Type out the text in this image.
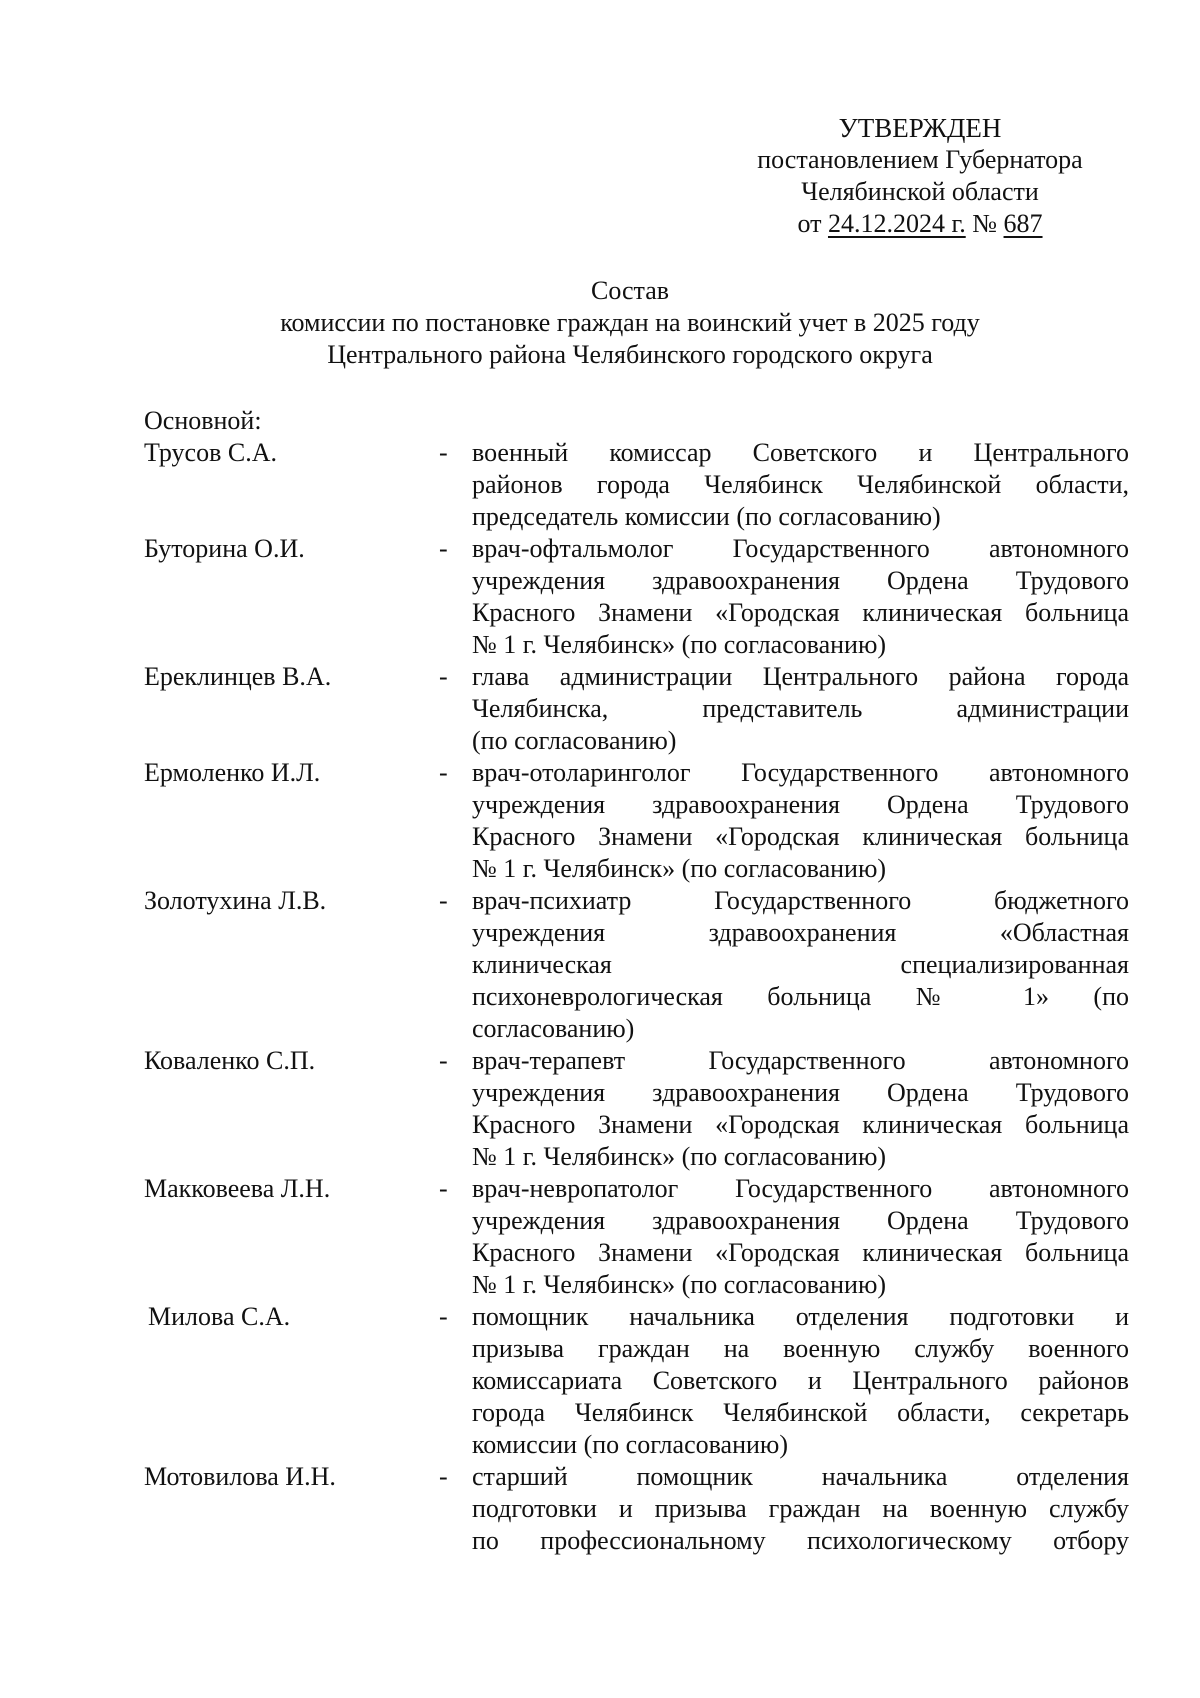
УТВЕРЖДЕН
постановлением Губернатора
Челябинской области
от 24.12.2024 г. № 687
Состав
комиссии по постановке граждан на воинский учет в 2025 году
Центрального района Челябинского городского округа
Основной:
Трусов С.А.	- военный комиссар Советского и Центрального
районов города Челябинск Челябинской области,
председатель комиссии (по согласованию)
Буторина О.И.	- врач-офтальмолог Государственного автономного
учреждения здравоохранения Ордена Трудового
Красного Знамени «Городская клиническая больница
№ 1 г. Челябинск» (по согласованию)
Ереклинцев В.А.	- глава администрации Центрального района города
Челябинска, представитель администрации
(по согласованию)
Ермоленко И.Л.	- врач-отоларинголог Государственного автономного
учреждения здравоохранения Ордена Трудового
Красного Знамени «Городская клиническая больница
№ 1 г. Челябинск» (по согласованию)
Золотухина Л.В.	- врач-психиатр Государственного бюджетного
учреждения здравоохранения «Областная
клиническая специализированная
психоневрологическая больница № 1» (по
согласованию)
Коваленко С.П.	- врач-терапевт Государственного автономного
учреждения здравоохранения Ордена Трудового
Красного Знамени «Городская клиническая больница
№ 1 г. Челябинск» (по согласованию)
Макковеева Л.Н.	- врач-невропатолог Государственного автономного
учреждения здравоохранения Ордена Трудового
Красного Знамени «Городская клиническая больница
№ 1 г. Челябинск» (по согласованию)
Милова С.А.	- помощник начальника отделения подготовки и
призыва граждан на военную службу военного
комиссариата Советского и Центрального районов
города Челябинск Челябинской области, секретарь
комиссии (по согласованию)
Мотовилова И.Н.	- старший помощник начальника отделения
подготовки и призыва граждан на военную службу
по профессиональному психологическому отбору
